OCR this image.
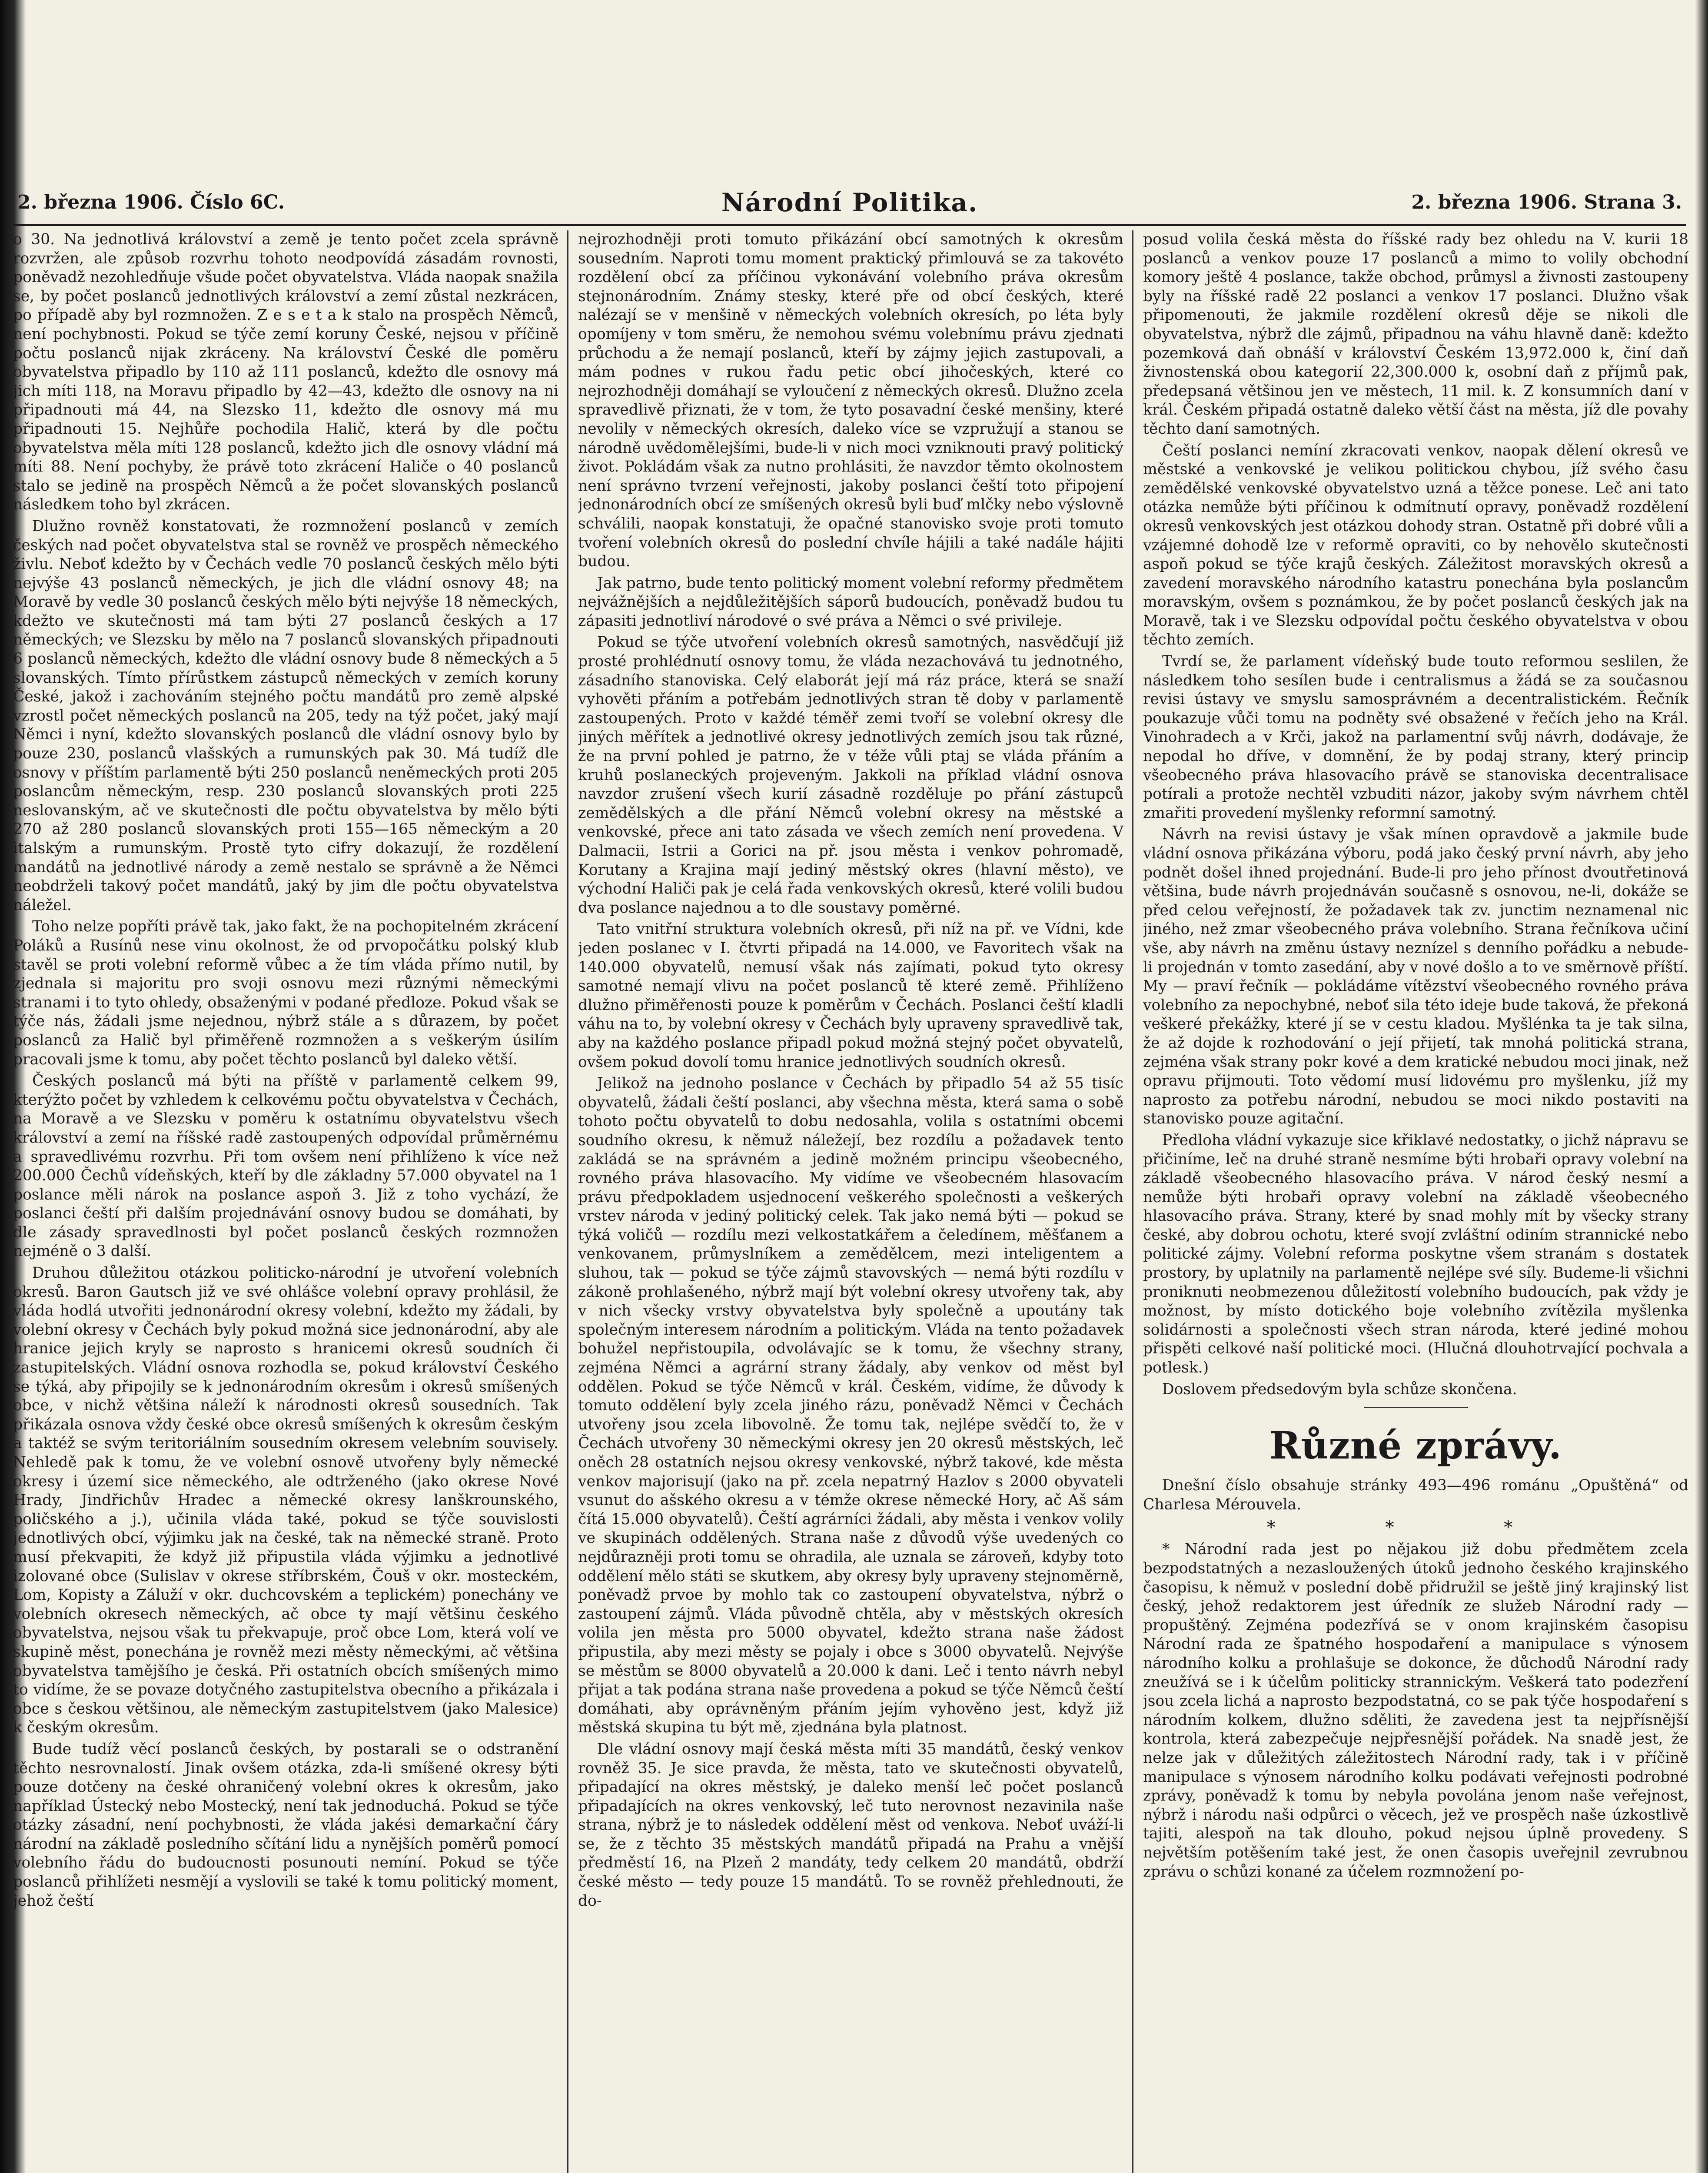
2. března 1906. Číslo 6C.	Národní Politika.	2. března 1906. Strana 3.

o 30. Na jednotlivá království a země je tento počet zcela správně rozvržen, ale způsob rozvrhu tohoto neodpovídá zásadám rovnosti, poněvadž nezohledňuje všude počet obyvatelstva. Vláda naopak snažila se, by počet poslanců jednotlivých království a zemí zůstal nezkrácen, po případě aby byl rozmnožen. Z e s e t a k stalo na prospěch Němců, není pochybnosti. Pokud se týče zemí koruny České, nejsou v příčině počtu poslanců nijak zkráceny. Na království České dle poměru obyvatelstva připadlo by 110 až 111 poslanců, kdežto dle osnovy má jich míti 118, na Moravu připadlo by 42—43, kdežto dle osnovy na ni připadnouti má 44, na Slezsko 11, kdežto dle osnovy má mu připadnouti 15. Nejhůře pochodila Halič, která by dle počtu obyvatelstva měla míti 128 poslanců, kdežto jich dle osnovy vládní má míti 88. Není pochyby, že právě toto zkrácení Haliče o 40 poslanců stalo se jedině na prospěch Němců a že počet slovanských poslanců následkem toho byl zkrácen.

Dlužno rovněž konstatovati, že rozmnožení poslanců v zemích českých nad počet obyvatelstva stal se rovněž ve prospěch německého živlu. Neboť kdežto by v Čechách vedle 70 poslanců českých mělo býti nejvýše 43 poslanců německých, je jich dle vládní osnovy 48; na Moravě by vedle 30 poslanců českých mělo býti nejvýše 18 německých, kdežto ve skutečnosti má tam býti 27 poslanců českých a 17 německých; ve Slezsku by mělo na 7 poslanců slovanských připadnouti 6 poslanců německých, kdežto dle vládní osnovy bude 8 německých a 5 slovanských. Tímto přírůstkem zástupců německých v zemích koruny České, jakož i zachováním stejného počtu mandátů pro země alpské vzrostl počet německých poslanců na 205, tedy na týž počet, jaký mají Němci i nyní, kdežto slovanských poslanců dle vládní osnovy bylo by pouze 230, poslanců vlašských a rumunských pak 30. Má tudíž dle osnovy v příštím parlamentě býti 250 poslanců neněmeckých proti 205 poslancům německým, resp. 230 poslanců slovanských proti 225 neslovanským, ač ve skutečnosti dle počtu obyvatelstva by mělo býti 270 až 280 poslanců slovanských proti 155—165 německým a 20 italským a rumunským. Prostě tyto cifry dokazují, že rozdělení mandátů na jednotlivé národy a země nestalo se správně a že Němci neobdrželi takový počet mandátů, jaký by jim dle počtu obyvatelstva náležel.

Toho nelze popříti právě tak, jako fakt, že na pochopitelném zkrácení Poláků a Rusínů nese vinu okolnost, že od prvopočátku polský klub stavěl se proti volební reformě vůbec a že tím vláda přímo nutil, by zjednala si majoritu pro svoji osnovu mezi různými německými stranami i to tyto ohledy, obsaženými v podané předloze. Pokud však se týče nás, žádali jsme nejednou, nýbrž stále a s důrazem, by počet poslanců za Halič byl přiměřeně rozmnožen a s veškerým úsilím pracovali jsme k tomu, aby počet těchto poslanců byl daleko větší.

Českých poslanců má býti na příště v parlamentě celkem 99, kterýžto počet by vzhledem k celkovému počtu obyvatelstva v Čechách, na Moravě a ve Slezsku v poměru k ostatnímu obyvatelstvu všech království a zemí na říšské radě zastoupených odpovídal průměrnému a spravedlivému rozvrhu. Při tom ovšem není přihlíženo k více než 200.000 Čechů vídeňských, kteří by dle základny 57.000 obyvatel na 1 poslance měli nárok na poslance aspoň 3. Již z toho vychází, že poslanci čeští při dalším projednávání osnovy budou se domáhati, by dle zásady spravedlnosti byl počet poslanců českých rozmnožen nejméně o 3 další.

Druhou důležitou otázkou politicko-národní je utvoření volebních okresů. Baron Gautsch již ve své ohlášce volební opravy prohlásil, že vláda hodlá utvořiti jednonárodní okresy volební, kdežto my žádali, by volební okresy v Čechách byly pokud možná sice jednonárodní, aby ale hranice jejich kryly se naprosto s hranicemi okresů soudních či zastupitelských. Vládní osnova rozhodla se, pokud království Českého se týká, aby připojily se k jednonárodním okresům i okresů smíšených obce, v nichž většina náleží k národnosti okresů sousedních. Tak přikázala osnova vždy české obce okresů smíšených k okresům českým a taktéž se svým teritoriálním sousedním okresem velebním souvisely. Nehledě pak k tomu, že ve volební osnově utvořeny byly německé okresy i území sice německého, ale odtrženého (jako okrese Nové Hrady, Jindřichův Hradec a německé okresy lanškrounského, poličského a j.), učinila vláda také, pokud se týče souvislosti jednotlivých obcí, výjimku jak na české, tak na německé straně. Proto musí překvapiti, že když již připustila vláda výjimku a jednotlivé izolované obce (Sulislav v okrese stříbrském, Čouš v okr. mosteckém, Lom, Kopisty a Záluží v okr. duchcovském a teplickém) ponechány ve volebních okresech německých, ač obce ty mají většinu českého obyvatelstva, nejsou však tu překvapuje, proč obce Lom, která volí ve skupině měst, ponechána je rovněž mezi městy německými, ač většina obyvatelstva tamějšího je česká. Při ostatních obcích smíšených mimo to vidíme, že se povaze dotyčného zastupitelstva obecního a přikázala i obce s českou většinou, ale německým zastupitelstvem (jako Malesice) k českým okresům.

Bude tudíž věcí poslanců českých, by postarali se o odstranění těchto nesrovnalostí. Jinak ovšem otázka, zda-li smíšené okresy býti pouze dotčeny na české ohraničený volební okres k okresům, jako například Ústecký nebo Mostecký, není tak jednoduchá. Pokud se týče otázky zásadní, není pochybnosti, že vláda jakési demarkační čáry národní na základě posledního sčítání lidu a nynějších poměrů pomocí volebního řádu do budoucnosti posunouti nemíní. Pokud se týče poslanců přihlížeti nesmějí a vyslovili se také k tomu politický moment, jehož čeští

nejrozhodněji proti tomuto přikázání obcí samotných k okresům sousedním. Naproti tomu moment praktický přimlouvá se za takovéto rozdělení obcí za příčinou vykonávání volebního práva okresům stejnonárodním. Známy stesky, které pře od obcí českých, které nalézají se v menšině v německých volebních okresích, po léta byly opomíjeny v tom směru, že nemohou svému volebnímu právu zjednati průchodu a že nemají poslanců, kteří by zájmy jejich zastupovali, a mám podnes v rukou řadu petic obcí jihočeských, které co nejrozhodněji domáhají se vyloučení z německých okresů. Dlužno zcela spravedlivě přiznati, že v tom, že tyto posavadní české menšiny, které nevolily v německých okresích, daleko více se vzpružují a stanou se národně uvědomělejšími, bude-li v nich moci vzniknouti pravý politický život. Pokládám však za nutno prohlásiti, že navzdor těmto okolnostem není správno tvrzení veřejnosti, jakoby poslanci čeští toto připojení jednonárodních obcí ze smíšených okresů byli buď mlčky nebo výslovně schválili, naopak konstatuji, že opačné stanovisko svoje proti tomuto tvoření volebních okresů do poslední chvíle hájili a také nadále hájiti budou.

Jak patrno, bude tento politický moment volební reformy předmětem nejvážnějších a nejdůležitějších sáporů budoucích, poněvadž budou tu zápasiti jednotliví národové o své práva a Němci o své privileje.

Pokud se týče utvoření volebních okresů samotných, nasvědčují již prosté prohlédnutí osnovy tomu, že vláda nezachovává tu jednotného, zásadního stanoviska. Celý elaborát její má ráz práce, která se snaží vyhověti přáním a potřebám jednotlivých stran tě doby v parlamentě zastoupených. Proto v každé téměř zemi tvoří se volební okresy dle jiných měřítek a jednotlivé okresy jednotlivých zemích jsou tak různé, že na první pohled je patrno, že v téže vůli ptaj se vláda přáním a kruhů poslaneckých projeveným. Jakkoli na příklad vládní osnova navzdor zrušení všech kurií zásadně rozděluje po přání zástupců zemědělských a dle přání Němců volební okresy na městské a venkovské, přece ani tato zásada ve všech zemích není provedena. V Dalmacii, Istrii a Gorici na př. jsou města i venkov pohromadě, Korutany a Krajina mají jediný městský okres (hlavní město), ve východní Haliči pak je celá řada venkovských okresů, které volili budou dva poslance najednou a to dle soustavy poměrné.

Tato vnitřní struktura volebních okresů, při níž na př. ve Vídni, kde jeden poslanec v I. čtvrti připadá na 14.000, ve Favoritech však na 140.000 obyvatelů, nemusí však nás zajímati, pokud tyto okresy samotné nemají vlivu na počet poslanců tě které země. Přihlíženo dlužno přiměřenosti pouze k poměrům v Čechách. Poslanci čeští kladli váhu na to, by volební okresy v Čechách byly upraveny spravedlivě tak, aby na každého poslance připadl pokud možná stejný počet obyvatelů, ovšem pokud dovolí tomu hranice jednotlivých soudních okresů.

Jelikož na jednoho poslance v Čechách by připadlo 54 až 55 tisíc obyvatelů, žádali čeští poslanci, aby všechna města, která sama o sobě tohoto počtu obyvatelů to dobu nedosahla, volila s ostatními obcemi soudního okresu, k němuž náležejí, bez rozdílu a požadavek tento zakládá se na správném a jedině možném principu všeobecného, rovného práva hlasovacího. My vidíme ve všeobecném hlasovacím právu předpokladem usjednocení veškerého společnosti a veškerých vrstev národa v jediný politický celek. Tak jako nemá býti — pokud se týká voličů — rozdílu mezi velkostatkářem a čeledínem, měšťanem a venkovanem, průmyslníkem a zemědělcem, mezi inteligentem a sluhou, tak — pokud se týče zájmů stavovských — nemá býti rozdílu v zákoně prohlašeného, nýbrž mají být volební okresy utvořeny tak, aby v nich všecky vrstvy obyvatelstva byly společně a upoutány tak společným interesem národním a politickým. Vláda na tento požadavek bohužel nepřistoupila, odvolávajíc se k tomu, že všechny strany, zejména Němci a agrární strany žádaly, aby venkov od měst byl oddělen. Pokud se týče Němců v král. Českém, vidíme, že důvody k tomuto oddělení byly zcela jiného rázu, poněvadž Němci v Čechách utvořeny jsou zcela libovolně. Že tomu tak, nejlépe svědčí to, že v Čechách utvořeny 30 německými okresy jen 20 okresů městských, leč oněch 28 ostatních nejsou okresy venkovské, nýbrž takové, kde města venkov majorisují (jako na př. zcela nepatrný Hazlov s 2000 obyvateli vsunut do ašského okresu a v témže okrese německé Hory, ač Aš sám čítá 15.000 obyvatelů). Čeští agrárníci žádali, aby města i venkov volily ve skupinách oddělených. Strana naše z důvodů výše uvedených co nejdůrazněji proti tomu se ohradila, ale uznala se zároveň, kdyby toto oddělení mělo státi se skutkem, aby okresy byly upraveny stejnoměrně, poněvadž prvoe by mohlo tak co zastoupení obyvatelstva, nýbrž o zastoupení zájmů. Vláda původně chtěla, aby v městských okresích volila jen města pro 5000 obyvatel, kdežto strana naše žádost připustila, aby mezi městy se pojaly i obce s 3000 obyvatelů. Nejvýše se městům se 8000 obyvatelů a 20.000 k dani. Leč i tento návrh nebyl přijat a tak podána strana naše provedena a pokud se týče Němců čeští domáhati, aby oprávněným přáním jejím vyhověno jest, když již městská skupina tu být mě, zjednána byla platnost.

Dle vládní osnovy mají česká města míti 35 mandátů, český venkov rovněž 35. Je sice pravda, že města, tato ve skutečnosti obyvatelů, připadající na okres městský, je daleko menší leč počet poslanců připadajících na okres venkovský, leč tuto nerovnost nezavinila naše strana, nýbrž je to následek oddělení měst od venkova. Neboť uváží-li se, že z těchto 35 městských mandátů připadá na Prahu a vnější předměstí 16, na Plzeň 2 mandáty, tedy celkem 20 mandátů, obdrží české město — tedy pouze 15 mandátů. To se rovněž přehlednouti, že do-

posud volila česká města do říšské rady bez ohledu na V. kurii 18 poslanců a venkov pouze 17 poslanců a mimo to volily obchodní komory ještě 4 poslance, takže obchod, průmysl a živnosti zastoupeny byly na říšské radě 22 poslanci a venkov 17 poslanci. Dlužno však připomenouti, že jakmile rozdělení okresů děje se nikoli dle obyvatelstva, nýbrž dle zájmů, připadnou na váhu hlavně daně: kdežto pozemková daň obnáší v království Českém 13,972.000 k, činí daň živnostenská obou kategorií 22,300.000 k, osobní daň z příjmů pak, předepsaná většinou jen ve městech, 11 mil. k. Z konsumních daní v král. Českém připadá ostatně daleko větší část na města, jíž dle povahy těchto daní samotných.

Čeští poslanci nemíní zkracovati venkov, naopak dělení okresů ve městské a venkovské je velikou politickou chybou, jíž svého času zemědělské venkovské obyvatelstvo uzná a těžce ponese. Leč ani tato otázka nemůže býti příčinou k odmítnutí opravy, poněvadž rozdělení okresů venkovských jest otázkou dohody stran. Ostatně při dobré vůli a vzájemné dohodě lze v reformě opraviti, co by nehovělo skutečnosti aspoň pokud se týče krajů českých. Záležitost moravských okresů a zavedení moravského národního katastru ponechána byla poslancům moravským, ovšem s poznámkou, že by počet poslanců českých jak na Moravě, tak i ve Slezsku odpovídal počtu českého obyvatelstva v obou těchto zemích.

Tvrdí se, že parlament vídeňský bude touto reformou seslilen, že následkem toho sesílen bude i centralismus a žádá se za současnou revisi ústavy ve smyslu samosprávném a decentralistickém. Řečník poukazuje vůči tomu na podněty své obsažené v řečích jeho na Král. Vinohradech a v Krči, jakož na parlamentní svůj návrh, dodávaje, že nepodal ho dříve, v domnění, že by podaj strany, který princip všeobecného práva hlasovacího právě se stanoviska decentralisace potírali a protože nechtěl vzbuditi názor, jakoby svým návrhem chtěl zmařiti provedení myšlenky reformní samotný.

Návrh na revisi ústavy je však mínen opravdově a jakmile bude vládní osnova přikázána výboru, podá jako český první návrh, aby jeho podnět došel ihned projednání. Bude-li pro jeho přínost dvoutřetinová většina, bude návrh projednáván současně s osnovou, ne-li, dokáže se před celou veřejností, že požadavek tak zv. junctim neznamenal nic jiného, než zmar všeobecného práva volebního. Strana řečníkova učiní vše, aby návrh na změnu ústavy neznízel s denního pořádku a nebude-li projednán v tomto zasedání, aby v nové došlo a to ve směrnově příští. My — praví řečník — pokládáme vítězství všeobecného rovného práva volebního za nepochybné, neboť sila této ideje bude taková, že překoná veškeré překážky, které jí se v cestu kladou. Myšlénka ta je tak silna, že až dojde k rozhodování o její přijetí, tak mnohá politická strana, zejména však strany pokr kové a dem kratické nebudou moci jinak, než opravu přijmouti. Toto vědomí musí lidovému pro myšlenku, jíž my naprosto za potřebu národní, nebudou se moci nikdo postaviti na stanovisko pouze agitační.

Předloha vládní vykazuje sice křiklavé nedostatky, o jichž nápravu se přičiníme, leč na druhé straně nesmíme býti hrobaři opravy volební na základě všeobecného hlasovacího práva. V národ český nesmí a nemůže býti hrobaři opravy volební na základě všeobecného hlasovacího práva. Strany, které by snad mohly mít by všecky strany české, aby dobrou ochotu, které svojí zvláštní odiním strannické nebo politické zájmy. Volební reforma poskytne všem stranám s dostatek prostory, by uplatnily na parlamentě nejlépe své síly. Budeme-li všichni proniknuti neobmezenou důležitostí volebního budoucích, pak vždy je možnost, by místo dotického boje volebního zvítězila myšlenka solidárnosti a společnosti všech stran národa, které jediné mohou přispěti celkové naší politické moci. (Hlučná dlouhotrvající pochvala a potlesk.)

Doslovem předsedovým byla schůze skončena.

Různé zprávy.

Dnešní číslo obsahuje stránky 493—496 románu „Opuštěná“ od Charlesa Mérouvela.

* * *

* Národní rada jest po nějakou již dobu předmětem zcela bezpodstatných a nezasloužených útoků jednoho českého krajinského časopisu, k němuž v poslední době přidružil se ještě jiný krajinský list český, jehož redaktorem jest úředník ze služeb Národní rady — propuštěný. Zejména podezřívá se v onom krajinském časopisu Národní rada ze špatného hospodaření a manipulace s výnosem národního kolku a prohlašuje se dokonce, že důchodů Národní rady zneužívá se i k účelům politicky strannickým. Veškerá tato podezření jsou zcela lichá a naprosto bezpodstatná, co se pak týče hospodaření s národním kolkem, dlužno sděliti, že zavedena jest ta nejpřísnější kontrola, která zabezpečuje nejpřesnější pořádek. Na snadě jest, že nelze jak v důležitých záležitostech Národní rady, tak i v příčině manipulace s výnosem národního kolku podávati veřejnosti podrobné zprávy, poněvadž k tomu by nebyla povolána jenom naše veřejnost, nýbrž i národu naši odpůrci o věcech, jež ve prospěch naše úzkostlivě tajiti, alespoň na tak dlouho, pokud nejsou úplně provedeny. S největším potěšením také jest, že onen časopis uveřejnil zevrubnou zprávu o schůzi konané za účelem rozmnožení po-
